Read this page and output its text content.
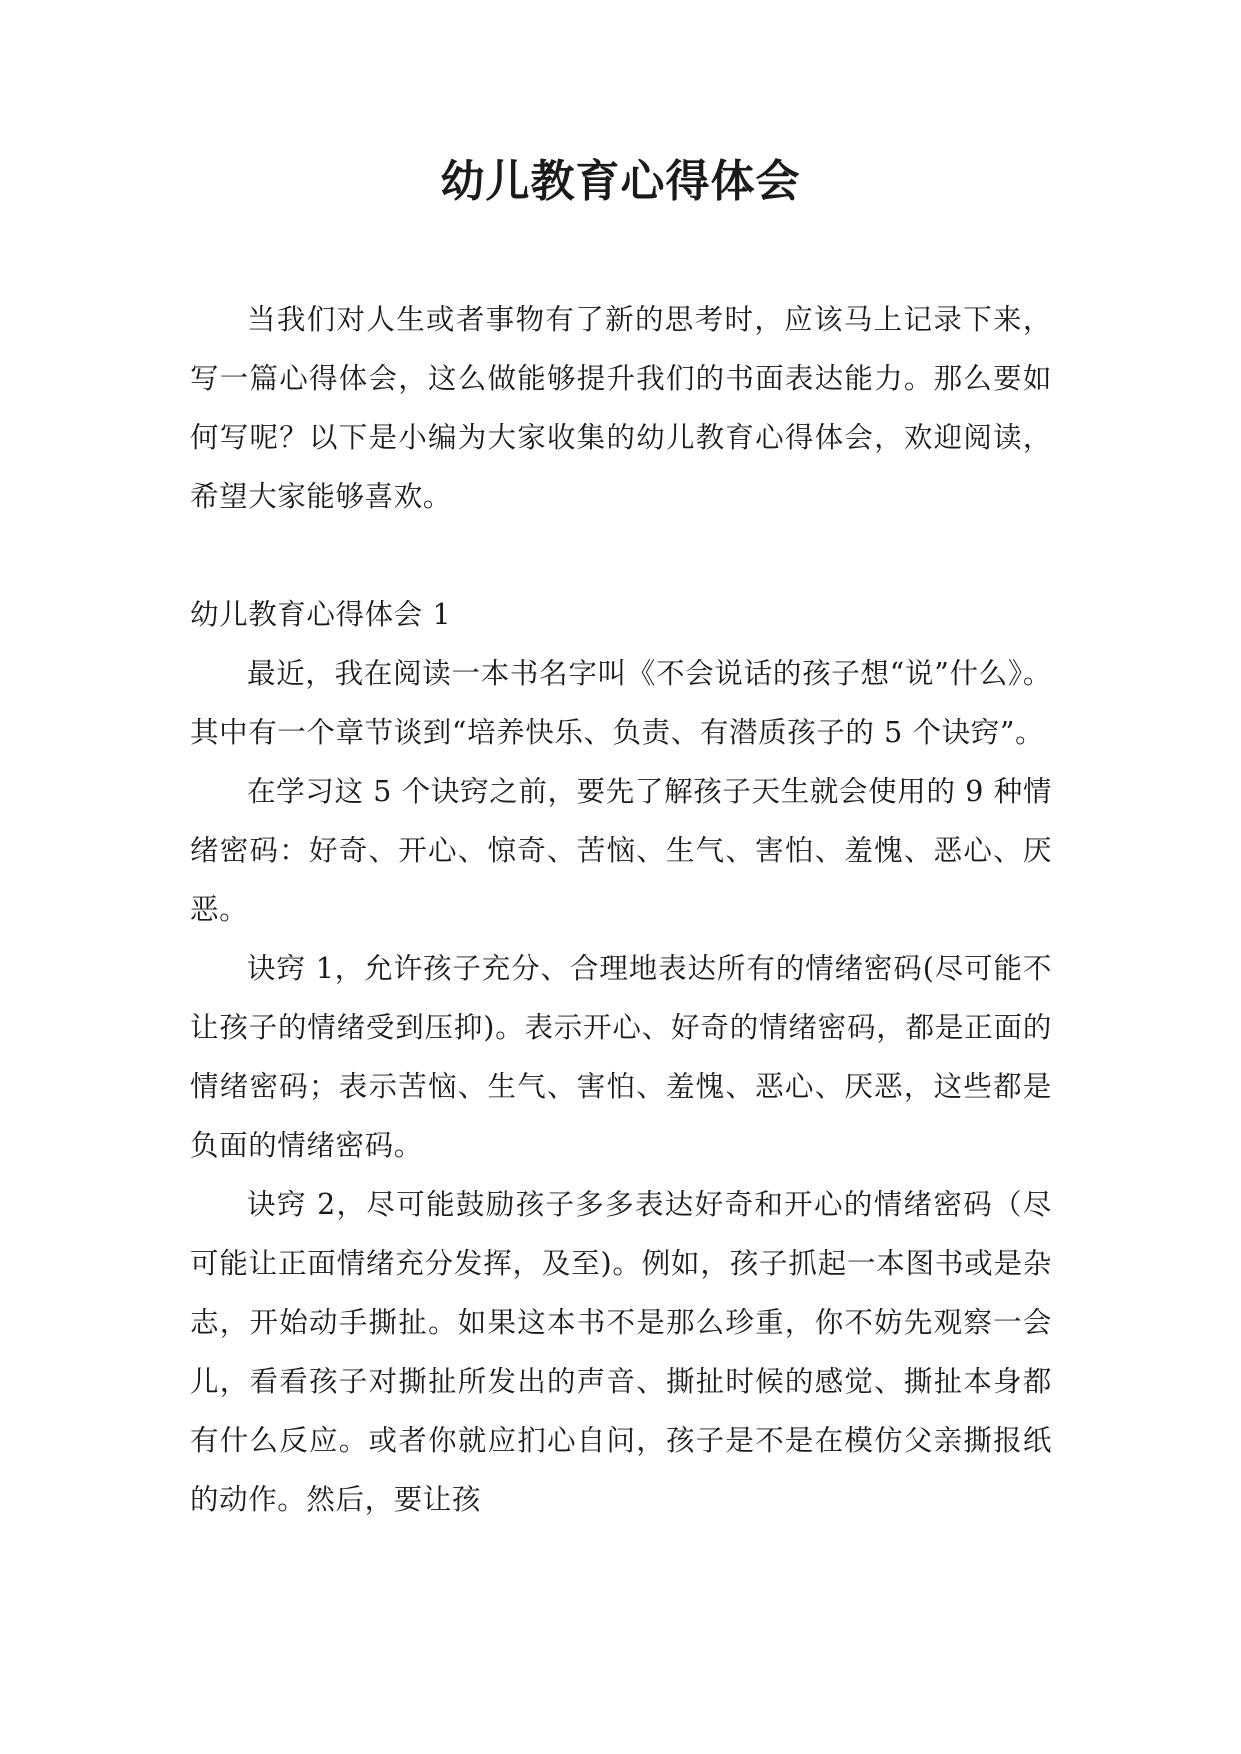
幼儿教育心得体会

当我们对人生或者事物有了新的思考时，应该马上记录下来，写一篇心得体会，这么做能够提升我们的书面表达能力。那么要如何写呢？以下是小编为大家收集的幼儿教育心得体会，欢迎阅读，希望大家能够喜欢。

幼儿教育心得体会 1

最近，我在阅读一本书名字叫《不会说话的孩子想“说”什么》。其中有一个章节谈到“培养快乐、负责、有潜质孩子的 5 个诀窍”。

在学习这 5 个诀窍之前，要先了解孩子天生就会使用的 9 种情绪密码：好奇、开心、惊奇、苦恼、生气、害怕、羞愧、恶心、厌恶。

诀窍 1，允许孩子充分、合理地表达所有的情绪密码(尽可能不让孩子的情绪受到压抑)。表示开心、好奇的情绪密码，都是正面的情绪密码；表示苦恼、生气、害怕、羞愧、恶心、厌恶，这些都是负面的情绪密码。

诀窍 2，尽可能鼓励孩子多多表达好奇和开心的情绪密码（尽可能让正面情绪充分发挥，及至)。例如，孩子抓起一本图书或是杂志，开始动手撕扯。如果这本书不是那么珍重，你不妨先观察一会儿，看看孩子对撕扯所发出的声音、撕扯时候的感觉、撕扯本身都有什么反应。或者你就应扪心自问，孩子是不是在模仿父亲撕报纸的动作。然后，要让孩
